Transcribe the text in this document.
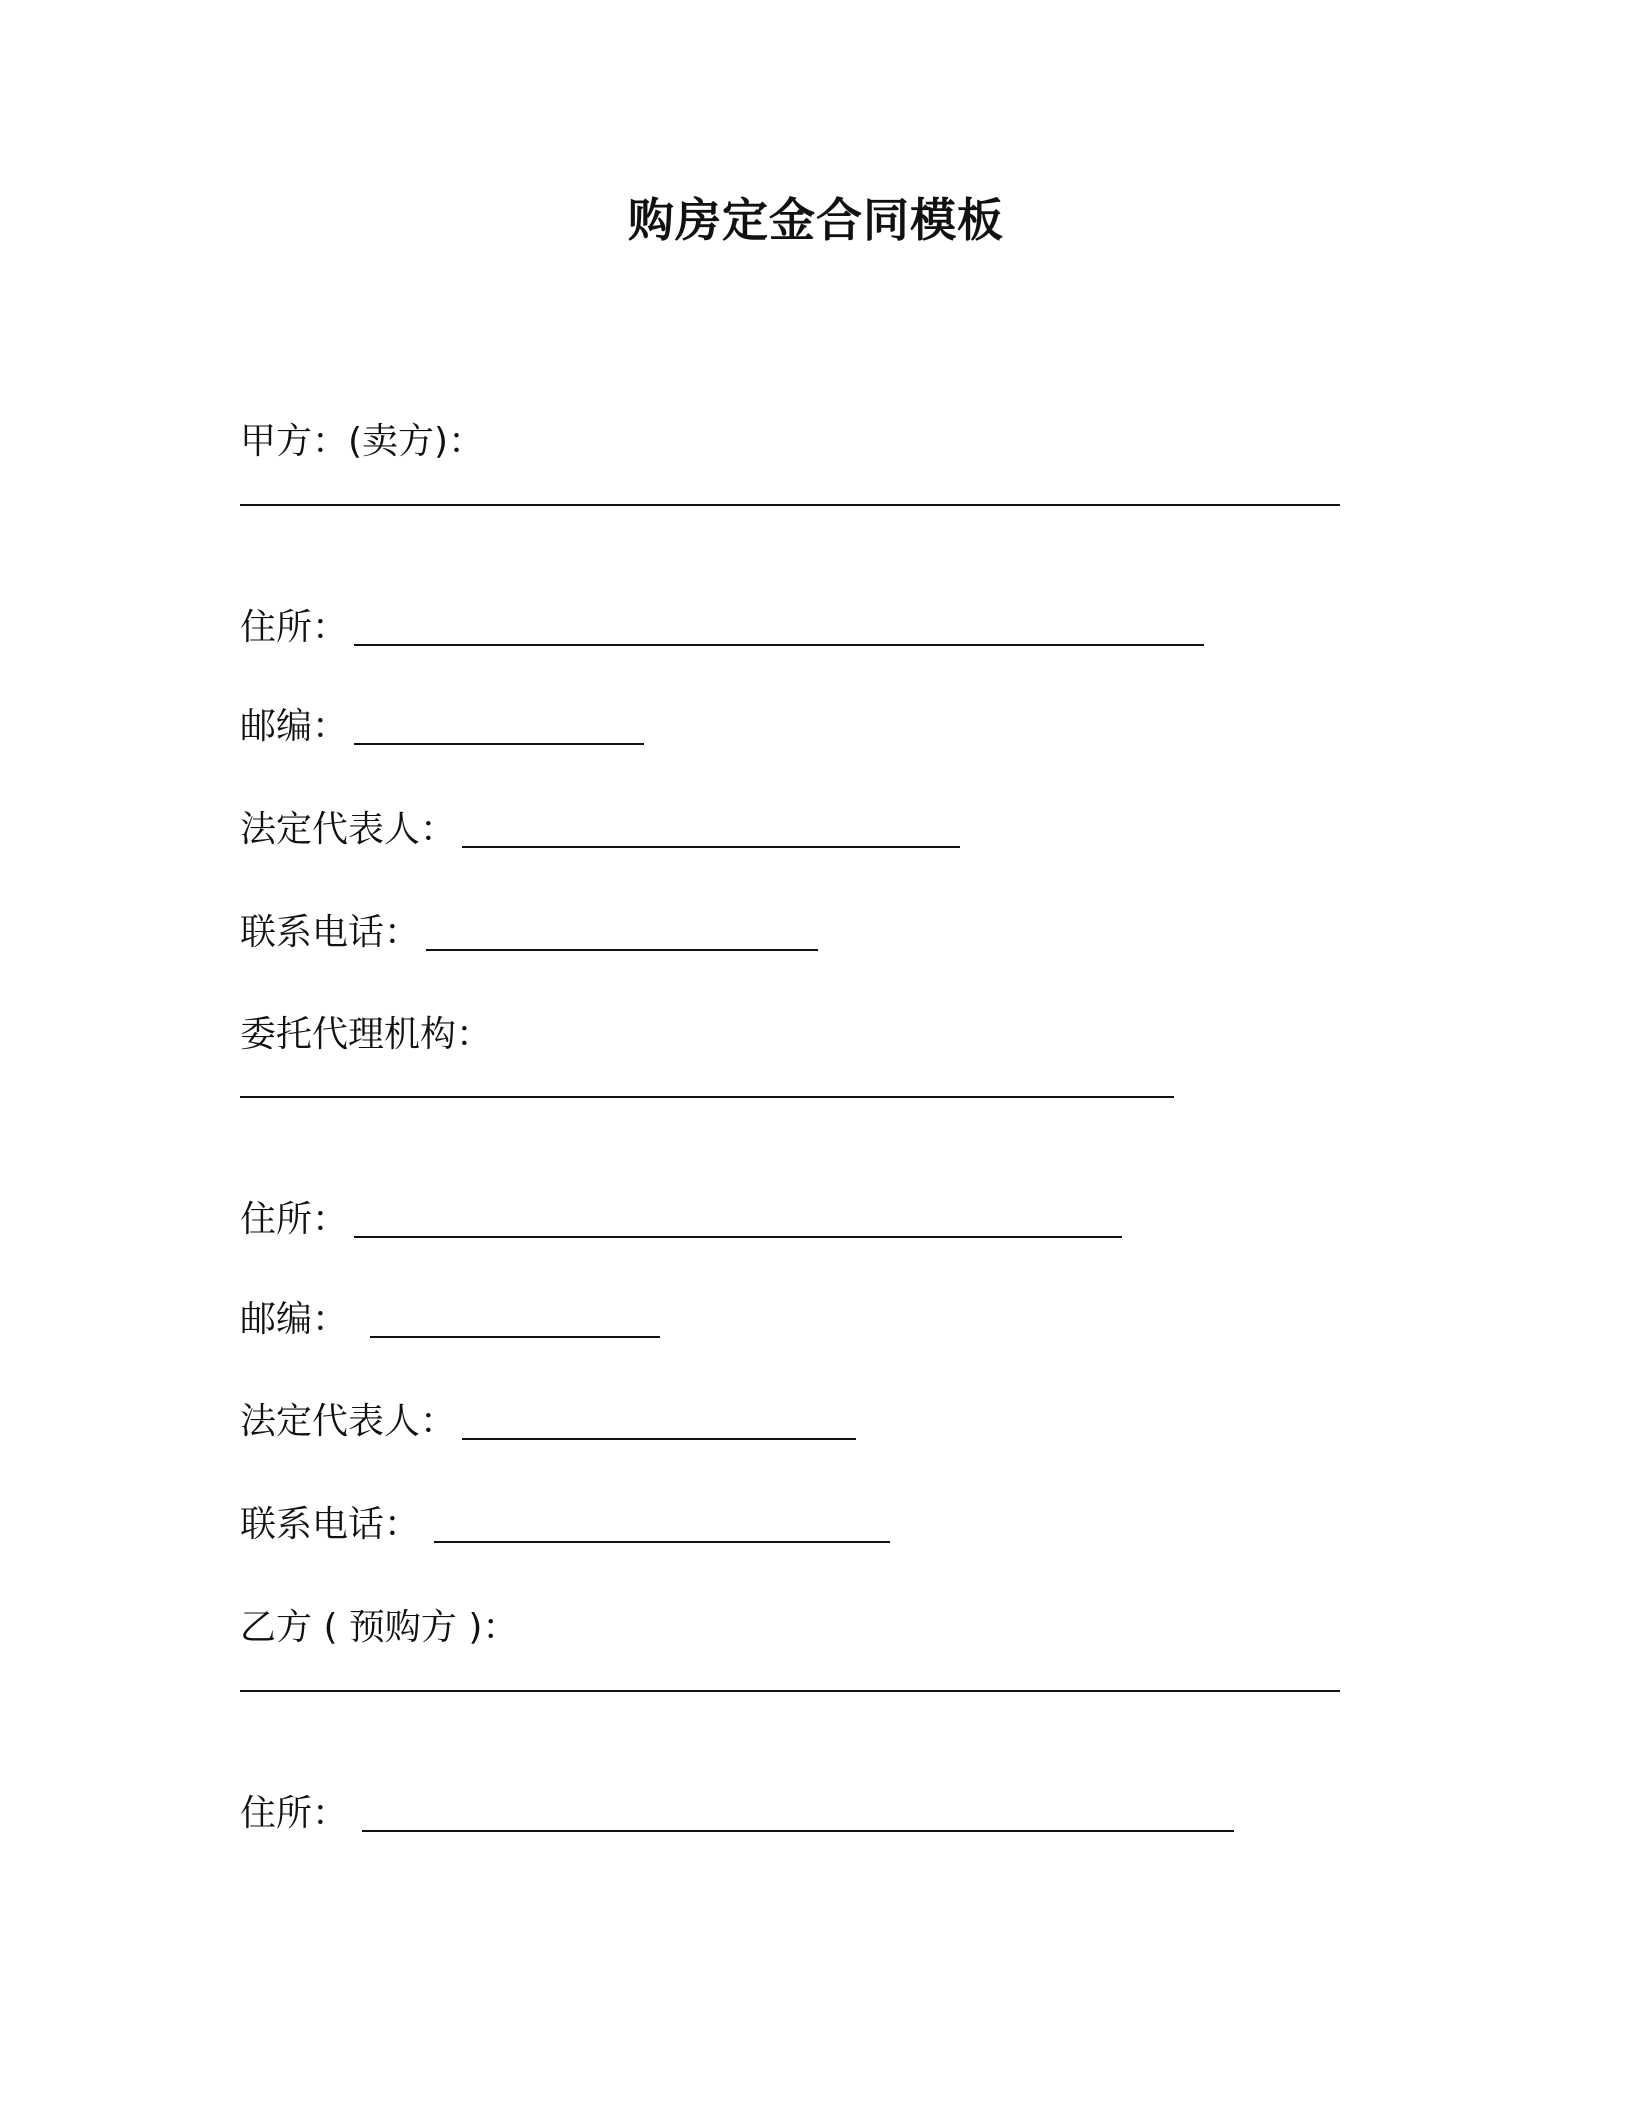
购房定金合同模板
甲方：(卖方)：
住所：
邮编：
法定代表人：
联系电话：
委托代理机构：
住所：
邮编：
法定代表人：
联系电话：
乙方 ( 预购方 )：
住所：
